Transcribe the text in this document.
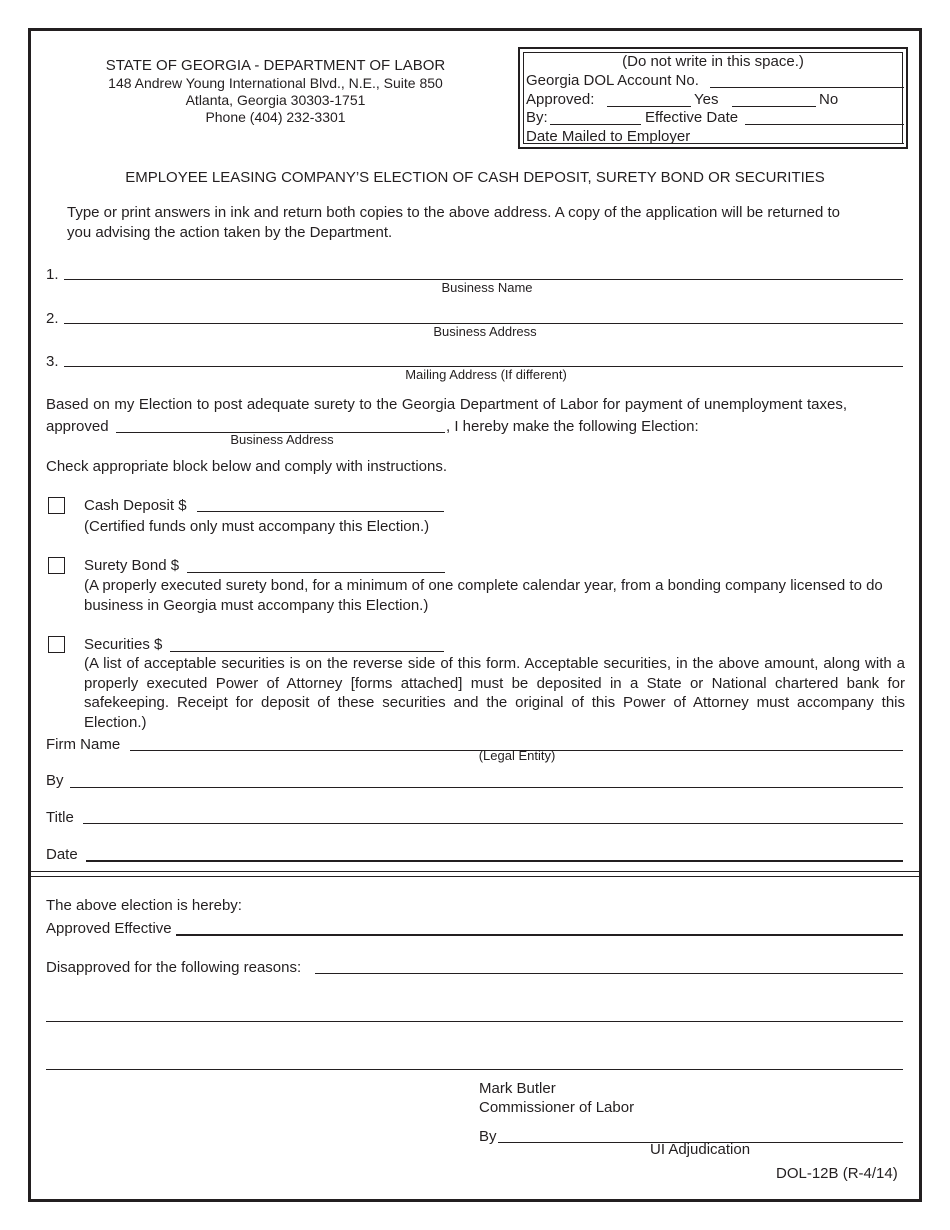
STATE OF GEORGIA - DEPARTMENT OF LABOR
148 Andrew Young International Blvd., N.E., Suite 850
Atlanta, Georgia 30303-1751
Phone (404) 232-3301
(Do not write in this space.)
Georgia DOL Account No.
Approved:	Yes	No
By:	Effective Date
Date Mailed to Employer
EMPLOYEE LEASING COMPANY’S ELECTION OF CASH DEPOSIT, SURETY BOND OR SECURITIES
Type or print answers in ink and return both copies to the above address. A copy of the application will be returned to you advising the action taken by the Department.
1.
Business Name
2.
Business Address
3.
Mailing Address (If different)
Based on my Election to post adequate surety to the Georgia Department of Labor for payment of unemployment taxes,
approved	, I hereby make the following Election:
Business Address
Check appropriate block below and comply with instructions.
Cash Deposit $
(Certified funds only must accompany this Election.)
Surety Bond $
(A properly executed surety bond, for a minimum of one complete calendar year, from a bonding company licensed to do business in Georgia must accompany this Election.)
Securities $
(A list of acceptable securities is on the reverse side of this form. Acceptable securities, in the above amount, along with a properly executed Power of Attorney [forms attached] must be deposited in a State or National chartered bank for safekeeping. Receipt for deposit of these securities and the original of this Power of Attorney must accompany this Election.)
Firm Name
(Legal Entity)
By
Title
Date
The above election is hereby:
Approved Effective
Disapproved for the following reasons:
Mark Butler
Commissioner of Labor
By
UI Adjudication
DOL-12B (R-4/14)
